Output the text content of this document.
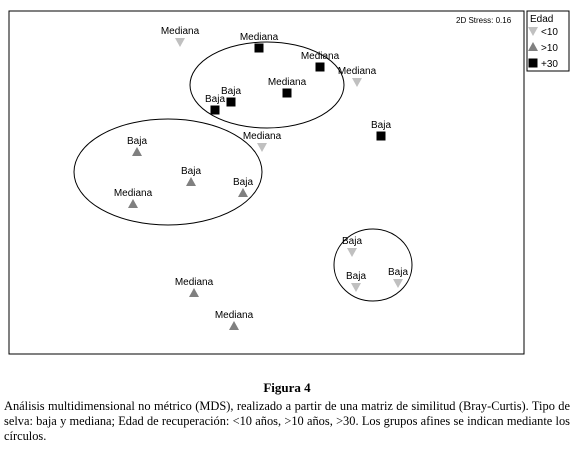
2D Stress: 0.16
Mediana
Mediana
Mediana
Mediana
Mediana
Baja
Baja
Baja
Mediana
Baja
Baja
Baja
Mediana
Baja
Baja
Baja
Mediana
Mediana
Edad
<10
>10
+30

Figura 4

Análisis multidimensional no métrico (MDS), realizado a partir de una matriz de similitud (Bray-Curtis). Tipo de selva: baja y mediana; Edad de recuperación: <10 años, >10 años, >30. Los grupos afines se indican mediante los círculos.
